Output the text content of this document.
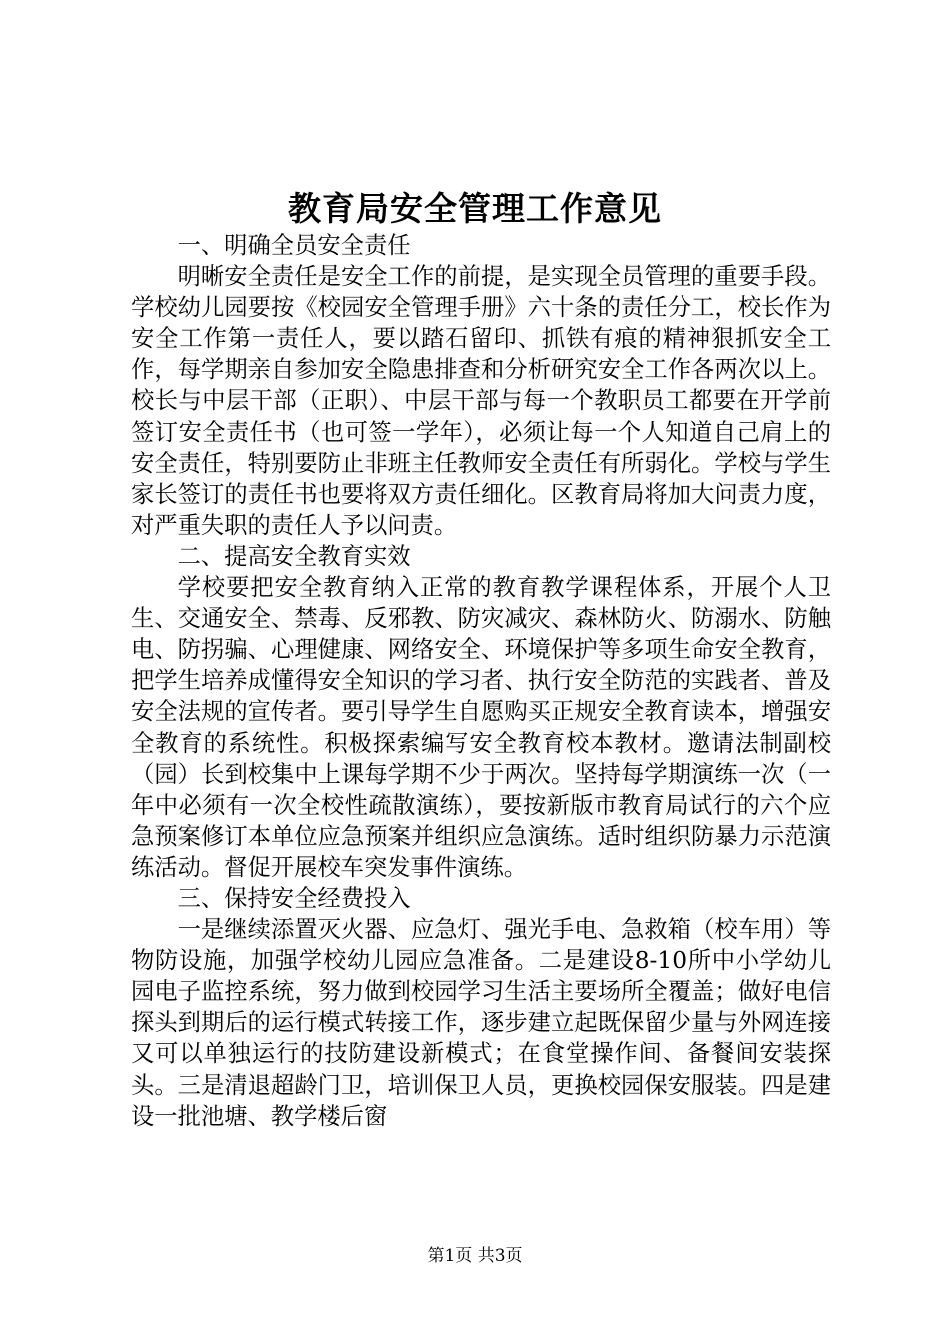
教育局安全管理工作意见

一、明确全员安全责任

明晰安全责任是安全工作的前提，是实现全员管理的重要手段。学校幼儿园要按《校园安全管理手册》六十条的责任分工，校长作为安全工作第一责任人，要以踏石留印、抓铁有痕的精神狠抓安全工作，每学期亲自参加安全隐患排查和分析研究安全工作各两次以上。校长与中层干部（正职）、中层干部与每一个教职员工都要在开学前签订安全责任书（也可签一学年），必须让每一个人知道自己肩上的安全责任，特别要防止非班主任教师安全责任有所弱化。学校与学生家长签订的责任书也要将双方责任细化。区教育局将加大问责力度，对严重失职的责任人予以问责。

二、提高安全教育实效

学校要把安全教育纳入正常的教育教学课程体系，开展个人卫生、交通安全、禁毒、反邪教、防灾减灾、森林防火、防溺水、防触电、防拐骗、心理健康、网络安全、环境保护等多项生命安全教育，把学生培养成懂得安全知识的学习者、执行安全防范的实践者、普及安全法规的宣传者。要引导学生自愿购买正规安全教育读本，增强安全教育的系统性。积极探索编写安全教育校本教材。邀请法制副校（园）长到校集中上课每学期不少于两次。坚持每学期演练一次（一年中必须有一次全校性疏散演练），要按新版市教育局试行的六个应急预案修订本单位应急预案并组织应急演练。适时组织防暴力示范演练活动。督促开展校车突发事件演练。

三、保持安全经费投入

一是继续添置灭火器、应急灯、强光手电、急救箱（校车用）等物防设施，加强学校幼儿园应急准备。二是建设8-10所中小学幼儿园电子监控系统，努力做到校园学习生活主要场所全覆盖；做好电信探头到期后的运行模式转接工作，逐步建立起既保留少量与外网连接又可以单独运行的技防建设新模式；在食堂操作间、备餐间安装探头。三是清退超龄门卫，培训保卫人员，更换校园保安服装。四是建设一批池塘、教学楼后窗

第1页 共3页
